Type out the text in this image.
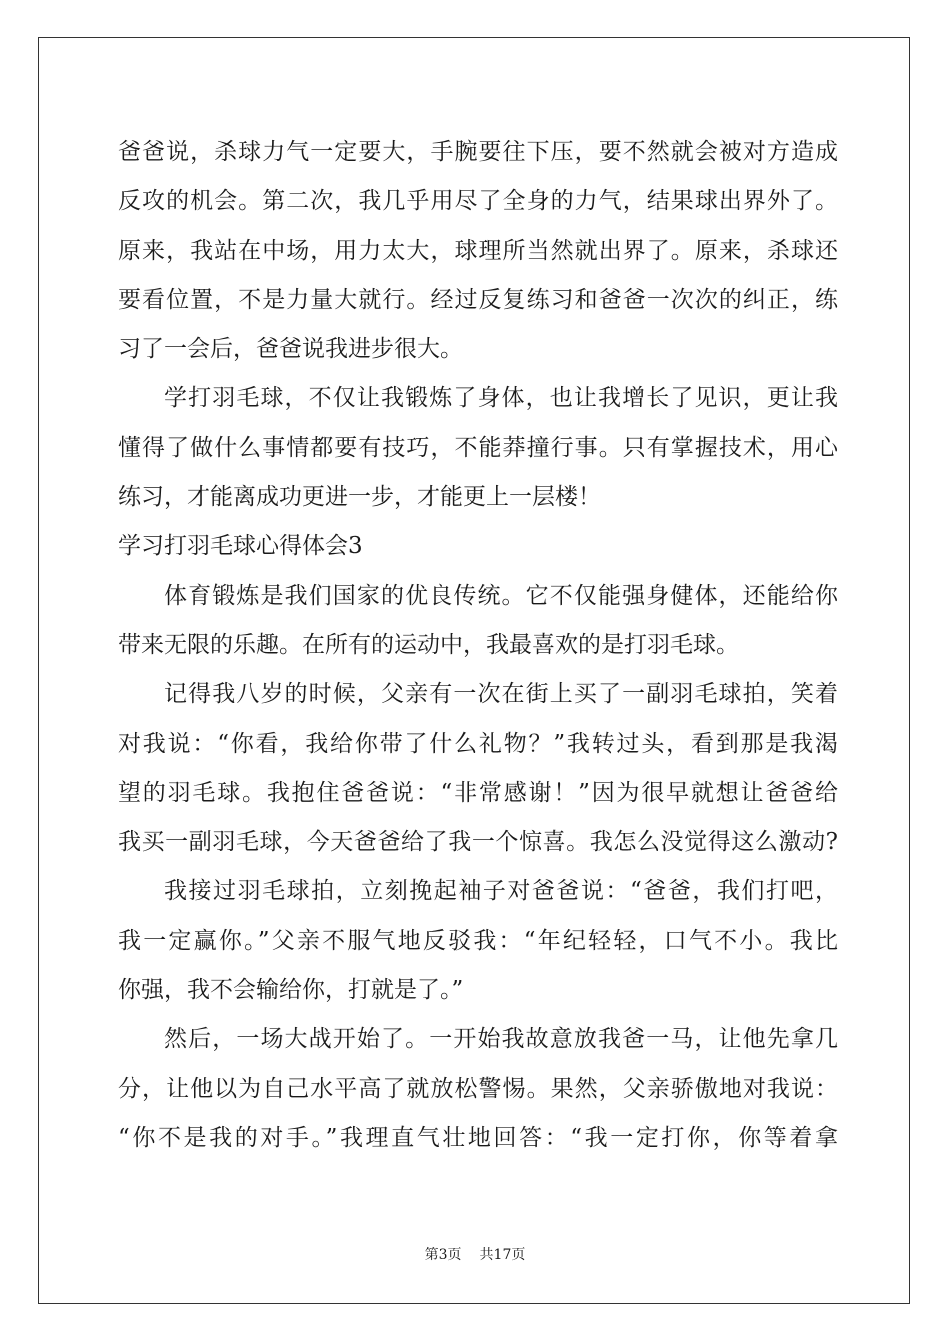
爸爸说，杀球力气一定要大，手腕要往下压，要不然就会被对方造成
反攻的机会。第二次，我几乎用尽了全身的力气，结果球出界外了。
原来，我站在中场，用力太大，球理所当然就出界了。原来，杀球还
要看位置，不是力量大就行。经过反复练习和爸爸一次次的纠正，练
习了一会后，爸爸说我进步很大。
学打羽毛球，不仅让我锻炼了身体，也让我增长了见识，更让我
懂得了做什么事情都要有技巧，不能莽撞行事。只有掌握技术，用心
练习，才能离成功更进一步，才能更上一层楼！
学习打羽毛球心得体会3
体育锻炼是我们国家的优良传统。它不仅能强身健体，还能给你
带来无限的乐趣。在所有的运动中，我最喜欢的是打羽毛球。
记得我八岁的时候，父亲有一次在街上买了一副羽毛球拍，笑着
对我说：“你看，我给你带了什么礼物？”我转过头，看到那是我渴
望的羽毛球。我抱住爸爸说：“非常感谢！”因为很早就想让爸爸给
我买一副羽毛球，今天爸爸给了我一个惊喜。我怎么没觉得这么激动?
我接过羽毛球拍，立刻挽起袖子对爸爸说：“爸爸，我们打吧，
我一定赢你。”父亲不服气地反驳我：“年纪轻轻，口气不小。我比
你强，我不会输给你，打就是了。”
然后，一场大战开始了。一开始我故意放我爸一马，让他先拿几
分，让他以为自己水平高了就放松警惕。果然，父亲骄傲地对我说：
“你不是我的对手。”我理直气壮地回答：“我一定打你，你等着拿
第3页 共17页
